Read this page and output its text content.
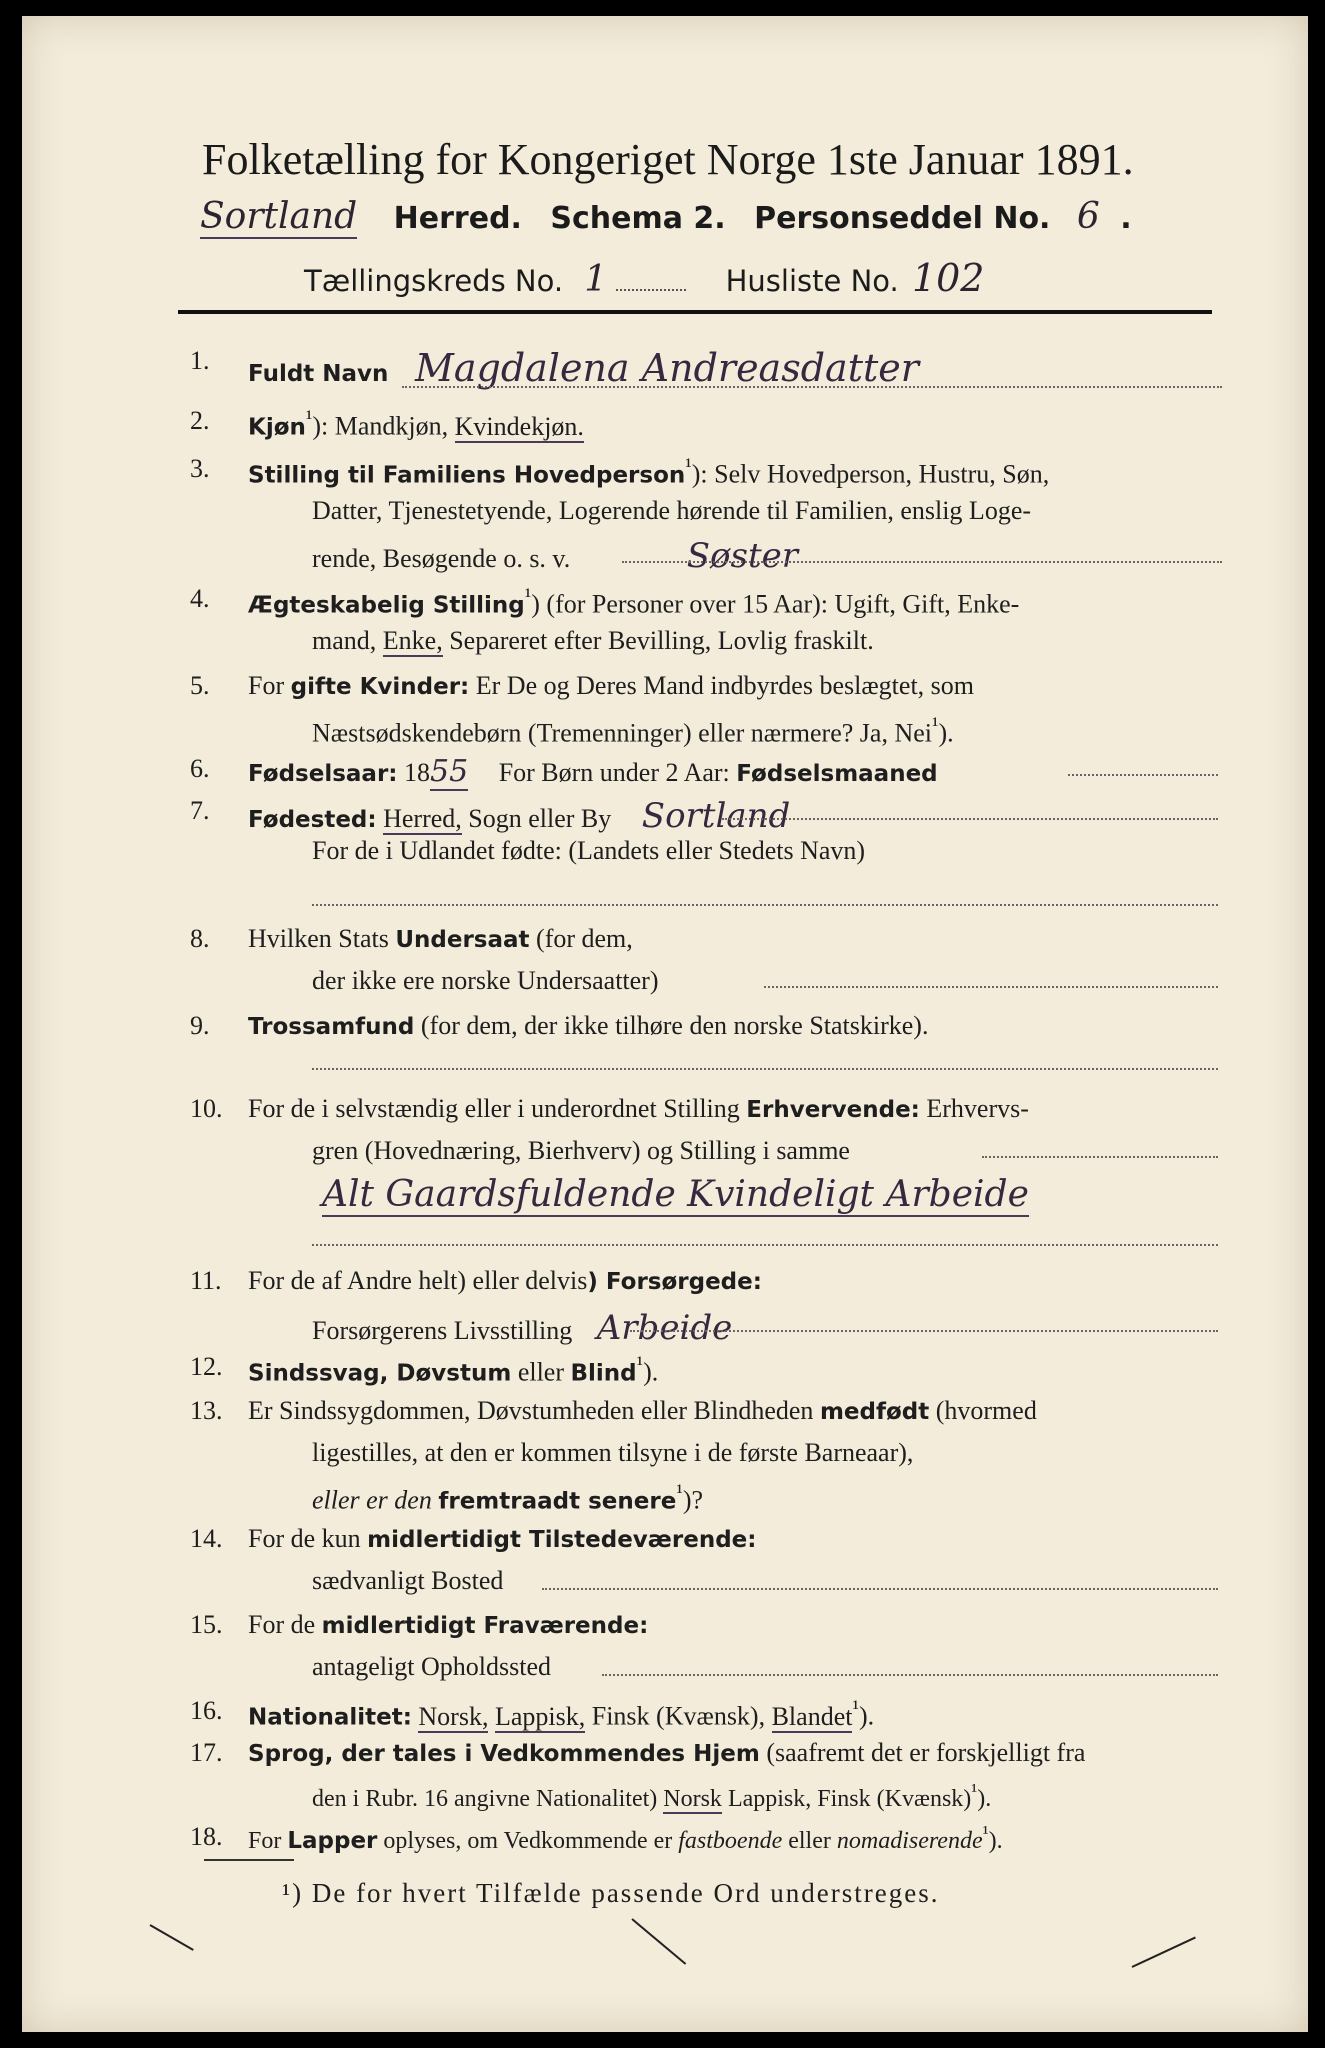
Folketælling for Kongeriget Norge 1ste Januar 1891.
Sortland Herred. Schema 2. Personseddel No. 6 .
Tællingskreds No. 1	Husliste No. 102
1.	Fuldt Navn Magdalena Andreasdatter
2.	Kjøn$^{^1}$): Mandkjøn, Kvindekjøn.
3.	Stilling til Familiens Hovedperson$^{^1}$): Selv Hovedperson, Hustru, Søn,
Datter, Tjenestetyende, Logerende hørende til Familien, enslig Loge-
rende, Besøgende o. s. v.	Søster
4.	Ægteskabelig Stilling$^{^1}$) (for Personer over 15 Aar): Ugift, Gift, Enke-
mand, Enke, Separeret efter Bevilling, Lovlig fraskilt.
5.	For gifte Kvinder: Er De og Deres Mand indbyrdes beslægtet, som
Næstsødskendebørn (Tremenninger) eller nærmere? Ja, Nei$^{^1}$).
6.	Fødselsaar: 1855 For Børn under 2 Aar: Fødselsmaaned
7.	Fødested: Herred, Sogn eller By Sortland
For de i Udlandet fødte: (Landets eller Stedets Navn)
8.	Hvilken Stats Undersaat (for dem,
der ikke ere norske Undersaatter)
9.	Trossamfund (for dem, der ikke tilhøre den norske Statskirke).
10. For de i selvstændig eller i underordnet Stilling Erhvervende: Erhvervs-
gren (Hovednæring, Bierhverv) og Stilling i samme
Alt Gaardsfuldende Kvindeligt Arbeide
11.	For de af Andre helt) eller delvis) Forsørgede:
Forsørgerens Livsstilling Arbeide
12.	Sindssvag, Døvstum eller Blind$^{^1}$).
13. Er Sindssygdommen, Døvstumheden eller Blindheden medfødt (hvormed
ligestilles, at den er kommen tilsyne i de første Barneaar),
eller er den fremtraadt senere$^{^1}$)?
14. For de kun midlertidigt Tilstedeværende:
sædvanligt Bosted
15. For de midlertidigt Fraværende:
antageligt Opholdssted
16.	Nationalitet: Norsk, Lappisk, Finsk (Kvænsk), Blandet$^{^1}$).
17.	Sprog, der tales i Vedkommendes Hjem (saafremt det er forskjelligt fra
den i Rubr. 16 angivne Nationalitet) Norsk Lappisk, Finsk (Kvænsk)$^{^1}$).
18.	For Lapper oplyses, om Vedkommende er fastboende eller nomadiserende$^{^1}$).
¹) De for hvert Tilfælde passende Ord understreges.
